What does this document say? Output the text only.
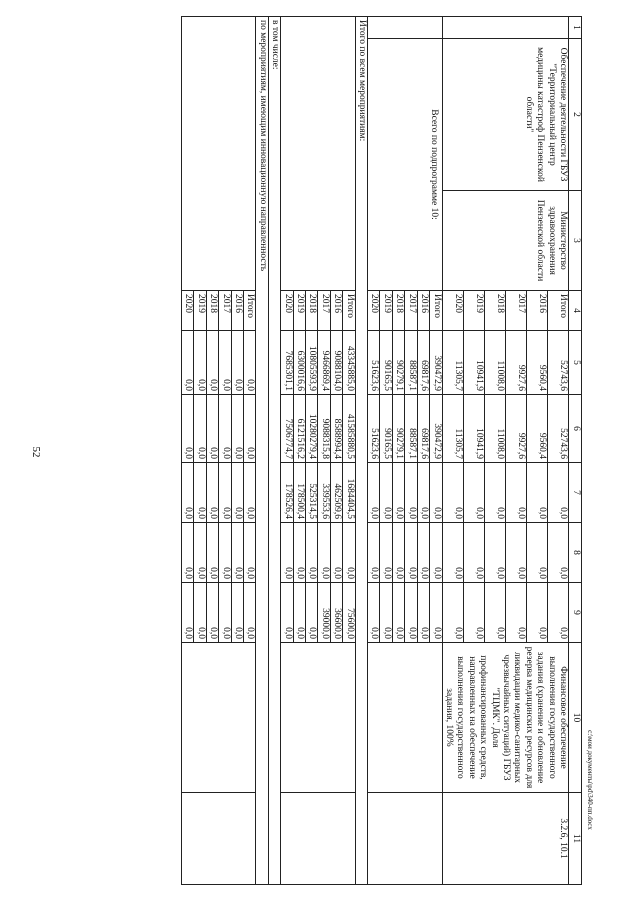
52
1	2	3	4	5	6	7	8	9	10	11
	Обеспечение деятельности ГБУЗ "Территориальный центр медицины катастроф Пензенской области"	Министерство здравоохранения Пензенской области	Итого	52743,6	52743,6	0,0	0,0	0,0	Финансовое обеспечение выполнения государственного задания (хранение и обновление резерва медицинских ресурсов для ликвидации медико-санитарных чрезвычайных ситуаций) ГБУЗ "ТЦМК". Доля профинансированных средств, направленных на обеспечение выполнения государственного задания, 100%	3.2.6, 10.1
			2016	9560,4	9560,4	0,0	0,0	0,0		
			2017	9927,6	9927,6	0,0	0,0	0,0		
			2018	11008,0	11008,0	0,0	0,0	0,0		
			2019	10941,9	10941,9	0,0	0,0	0,0		
			2020	11305,7	11305,7	0,0	0,0	0,0		

	Всего по подпрограмме 10:		Итого	390472,9	390472,9	0,0	0,0	0,0		
			2016	69817,6	69817,6	0,0	0,0	0,0		
			2017	88587,1	88587,1	0,0	0,0	0,0		
			2018	90279,1	90279,1	0,0	0,0	0,0		
			2019	90165,5	90165,5	0,0	0,0	0,0		
			2020	51623,6	51623,6	0,0	0,0	0,0		
Итого по всем мероприятиям:										
			Итого	43345885,0	41585880,5	1684404,5	0,0	75600,0		
			2016	9088104,0	8588994,4	462509,6	0,0	36600,0		
			2017	9466869,4	9088315,8	339553,6	0,0	39000,0		
			2018	10805593,9	10280279,4	525314,5	0,0	0,0		
			2019	6300016,6	6121516,2	178500,4	0,0	0,0		
			2020	7685301,1	7506774,7	178526,4	0,0	0,0		
в том числе:										
по мероприятиям, имеющим инновационную направленность										
			Итого	0,0	0,0	0,0	0,0	0,0		
			2016	0,0	0,0	0,0	0,0	0,0		
			2017	0,0	0,0	0,0	0,0	0,0		
			2018	0,0	0,0	0,0	0,0	0,0		
			2019	0,0	0,0	0,0	0,0	0,0		
			2020	0,0	0,0	0,0	0,0	0,0		
c:\мои документы\pd\340-пп.docx
